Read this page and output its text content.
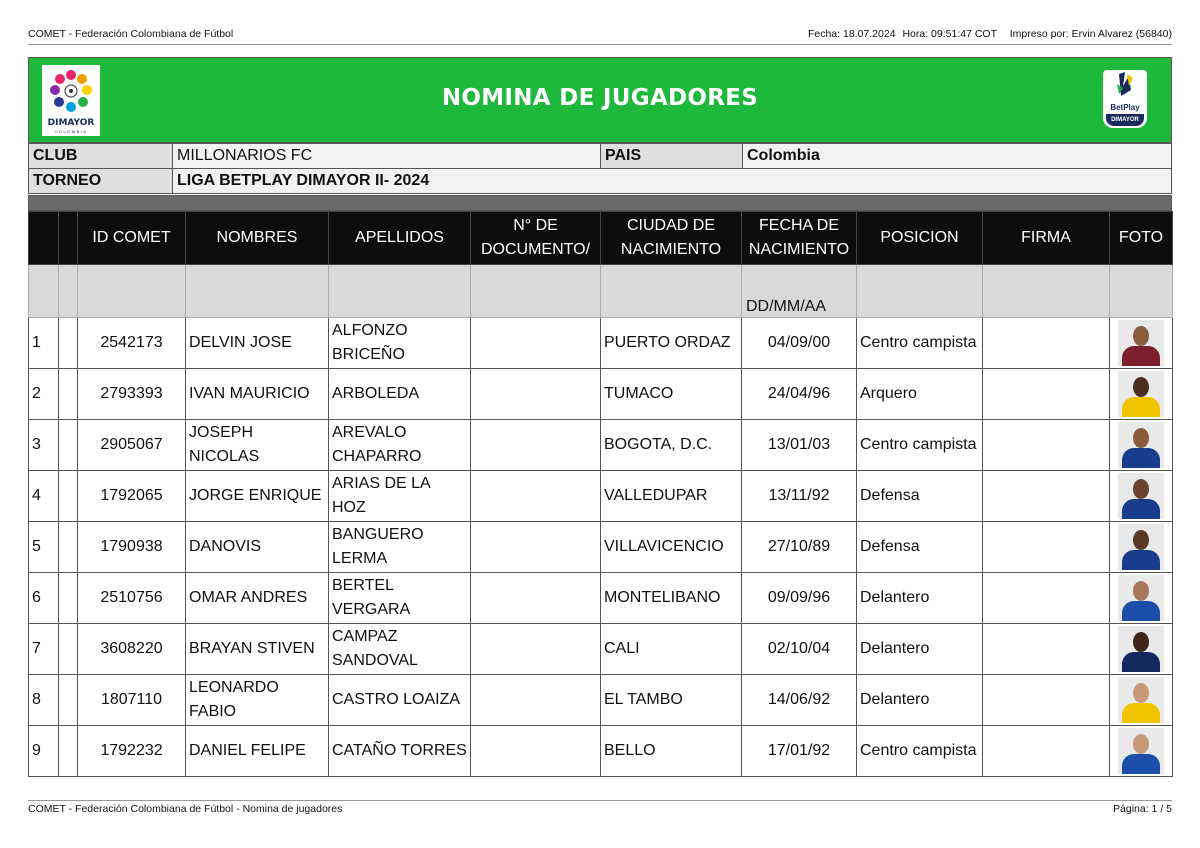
COMET - Federación Colombiana de Fútbol	Fecha: 18.07.2024 Hora: 09:51:47 COT Impreso por: Ervin Alvarez (56840)
DIMAYOR
COLOMBIA
NOMINA DE JUGADORES	BetPlay
DIMAYOR
CLUB	MILLONARIOS FC	PAIS	Colombia
TORNEO	LIGA BETPLAY DIMAYOR II- 2024		
		ID COMET	NOMBRES	APELLIDOS	N° DE DOCUMENTO/	CIUDAD DE NACIMIENTO	FECHA DE NACIMIENTO	POSICION	FIRMA	FOTO
							DD/MM/AA			
1		2542173	DELVIN JOSE	ALFONZO BRICEÑO		PUERTO ORDAZ	04/09/00	Centro campista		

2		2793393	IVAN MAURICIO	ARBOLEDA		TUMACO	24/04/96	Arquero		

3		2905067	JOSEPH NICOLAS	AREVALO CHAPARRO		BOGOTA, D.C.	13/01/03	Centro campista		

4		1792065	JORGE ENRIQUE	ARIAS DE LA HOZ		VALLEDUPAR	13/11/92	Defensa		

5		1790938	DANOVIS	BANGUERO LERMA		VILLAVICENCIO	27/10/89	Defensa		

6		2510756	OMAR ANDRES	BERTEL VERGARA		MONTELIBANO	09/09/96	Delantero		

7		3608220	BRAYAN STIVEN	CAMPAZ SANDOVAL		CALI	02/10/04	Delantero		

8		1807110	LEONARDO FABIO	CASTRO LOAIZA		EL TAMBO	14/06/92	Delantero		

9		1792232	DANIEL FELIPE	CATAÑO TORRES		BELLO	17/01/92	Centro campista		
COMET - Federación Colombiana de Fútbol - Nomina de jugadores	Página: 1 / 5
